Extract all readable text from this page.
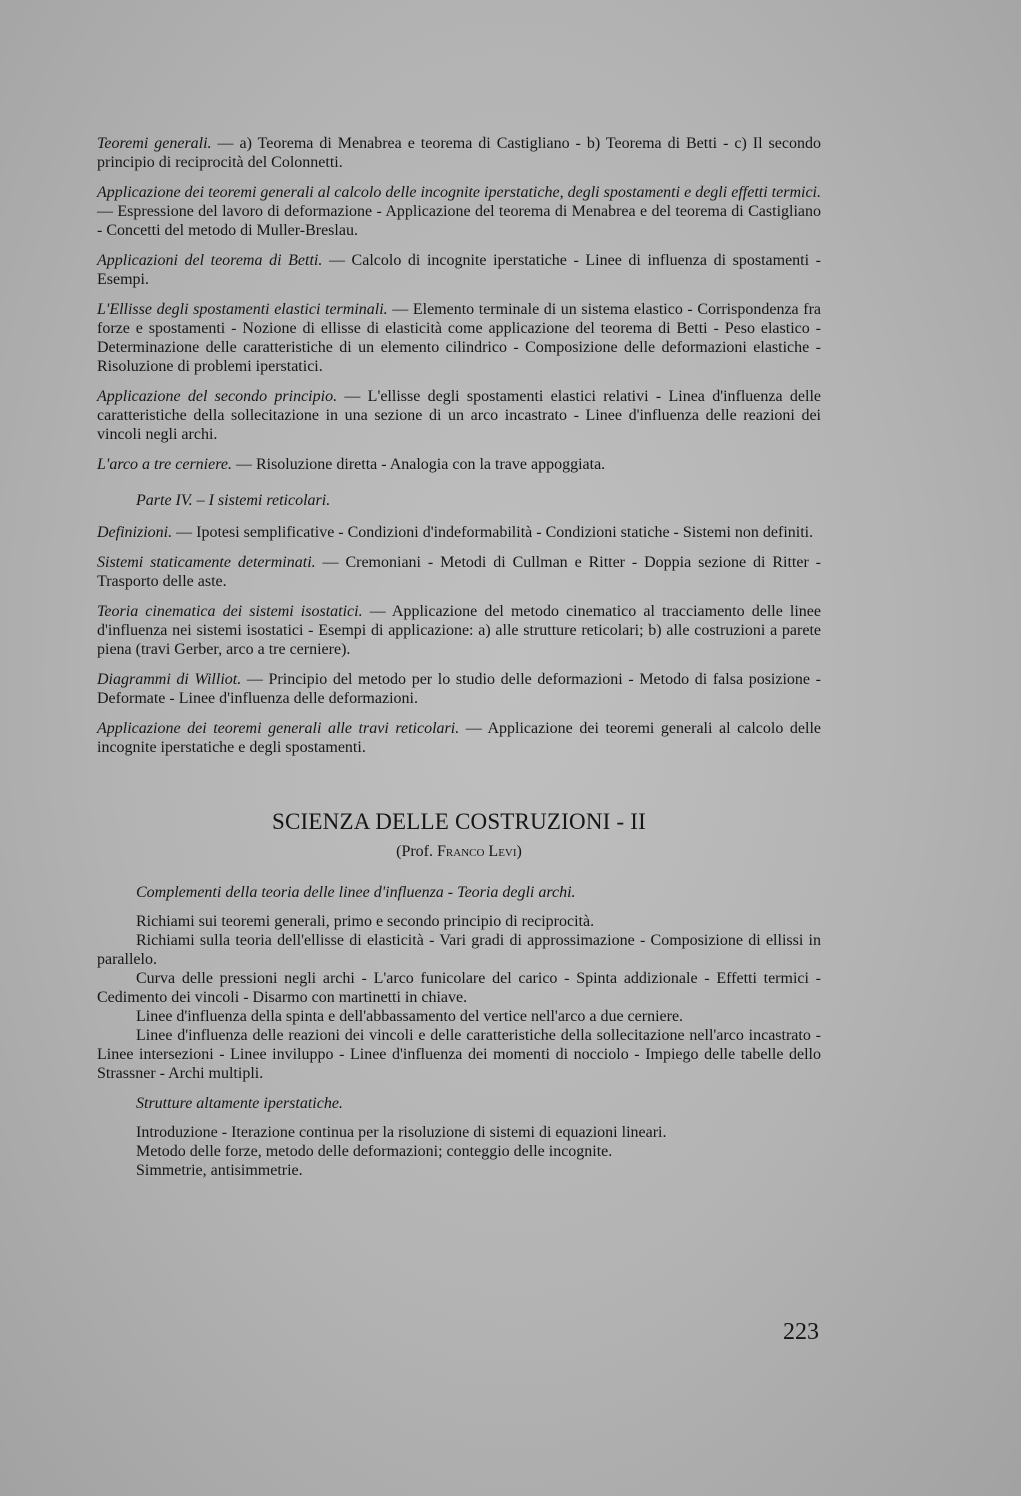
Teoremi generali. — a) Teorema di Menabrea e teorema di Castigliano - b) Teorema di Betti - c) Il secondo principio di reciprocità del Colonnetti.

Applicazione dei teoremi generali al calcolo delle incognite iperstatiche, degli spostamenti e degli effetti termici. — Espressione del lavoro di deformazione - Applicazione del teorema di Menabrea e del teorema di Castigliano - Concetti del metodo di Muller-Breslau.

Applicazioni del teorema di Betti. — Calcolo di incognite iperstatiche - Linee di influenza di spostamenti - Esempi.

L'Ellisse degli spostamenti elastici terminali. — Elemento terminale di un sistema elastico - Corrispondenza fra forze e spostamenti - Nozione di ellisse di elasticità come applicazione del teorema di Betti - Peso elastico - Determinazione delle caratteristiche di un elemento cilindrico - Composizione delle deformazioni elastiche - Risoluzione di problemi iperstatici.

Applicazione del secondo principio. — L'ellisse degli spostamenti elastici relativi - Linea d'influenza delle caratteristiche della sollecitazione in una sezione di un arco incastrato - Linee d'influenza delle reazioni dei vincoli negli archi.

L'arco a tre cerniere. — Risoluzione diretta - Analogia con la trave appoggiata.

Parte IV. – I sistemi reticolari.

Definizioni. — Ipotesi semplificative - Condizioni d'indeformabilità - Condizioni statiche - Sistemi non definiti.

Sistemi staticamente determinati. — Cremoniani - Metodi di Cullman e Ritter - Doppia sezione di Ritter - Trasporto delle aste.

Teoria cinematica dei sistemi isostatici. — Applicazione del metodo cinematico al tracciamento delle linee d'influenza nei sistemi isostatici - Esempi di applicazione: a) alle strutture reticolari; b) alle costruzioni a parete piena (travi Gerber, arco a tre cerniere).

Diagrammi di Williot. — Principio del metodo per lo studio delle deformazioni - Metodo di falsa posizione - Deformate - Linee d'influenza delle deformazioni.

Applicazione dei teoremi generali alle travi reticolari. — Applicazione dei teoremi generali al calcolo delle incognite iperstatiche e degli spostamenti.

SCIENZA DELLE COSTRUZIONI - II
(Prof. Franco Levi)

Complementi della teoria delle linee d'influenza - Teoria degli archi.

Richiami sui teoremi generali, primo e secondo principio di reciprocità.

Richiami sulla teoria dell'ellisse di elasticità - Vari gradi di approssimazione - Composizione di ellissi in parallelo.

Curva delle pressioni negli archi - L'arco funicolare del carico - Spinta addizionale - Effetti termici - Cedimento dei vincoli - Disarmo con martinetti in chiave.

Linee d'influenza della spinta e dell'abbassamento del vertice nell'arco a due cerniere.

Linee d'influenza delle reazioni dei vincoli e delle caratteristiche della sollecitazione nell'arco incastrato - Linee intersezioni - Linee inviluppo - Linee d'influenza dei momenti di nocciolo - Impiego delle tabelle dello Strassner - Archi multipli.

Strutture altamente iperstatiche.

Introduzione - Iterazione continua per la risoluzione di sistemi di equazioni lineari.

Metodo delle forze, metodo delle deformazioni; conteggio delle incognite.

Simmetrie, antisimmetrie.

223
